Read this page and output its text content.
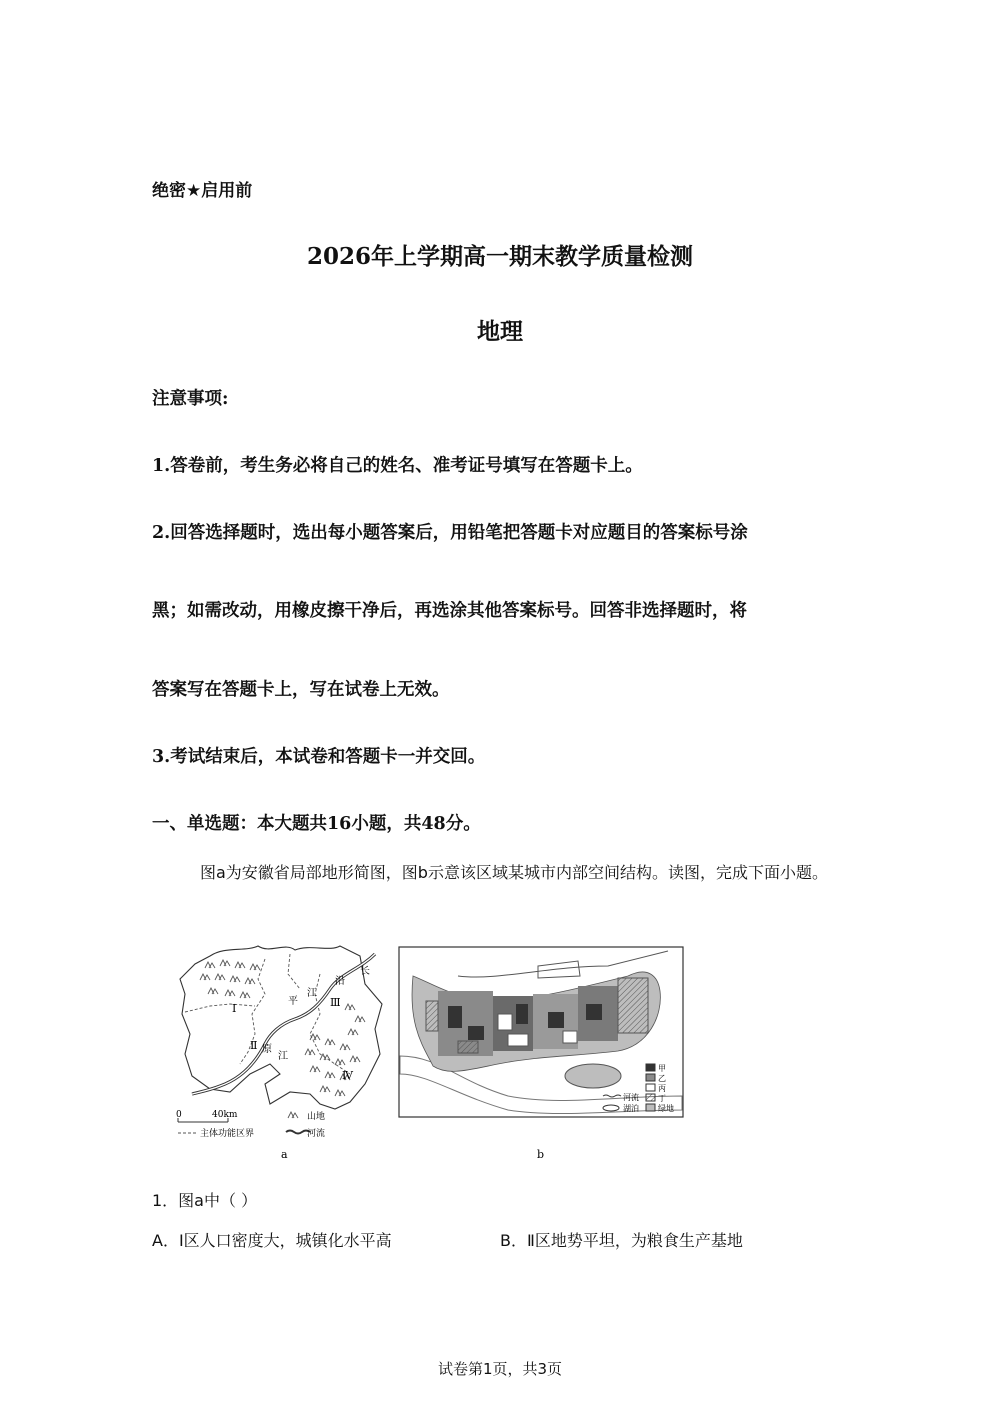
绝密★启用前
2026年上学期高一期末教学质量检测
地理
注意事项:
1.答卷前，考生务必将自己的姓名、准考证号填写在答题卡上。
2.回答选择题时，选出每小题答案后，用铅笔把答题卡对应题目的答案标号涂
黑；如需改动，用橡皮擦干净后，再选涂其他答案标号。回答非选择题时，将
答案写在答题卡上，写在试卷上无效。
3.考试结束后，本试卷和答题卡一并交回。
一、单选题：本大题共16小题，共48分。
图a为安徽省局部地形简图，图b示意该区域某城市内部空间结构。读图，完成下面小题。
Ⅰ
Ⅱ
Ⅲ
Ⅳ
江
沿
长
平
原
江
0	40km	山地
主体功能区界	河流
a
甲
乙
丙
丁
绿地
河流
湖泊
b
1．图a中（ ）
A．Ⅰ区人口密度大，城镇化水平高	B．Ⅱ区地势平坦，为粮食生产基地
试卷第1页，共3页
